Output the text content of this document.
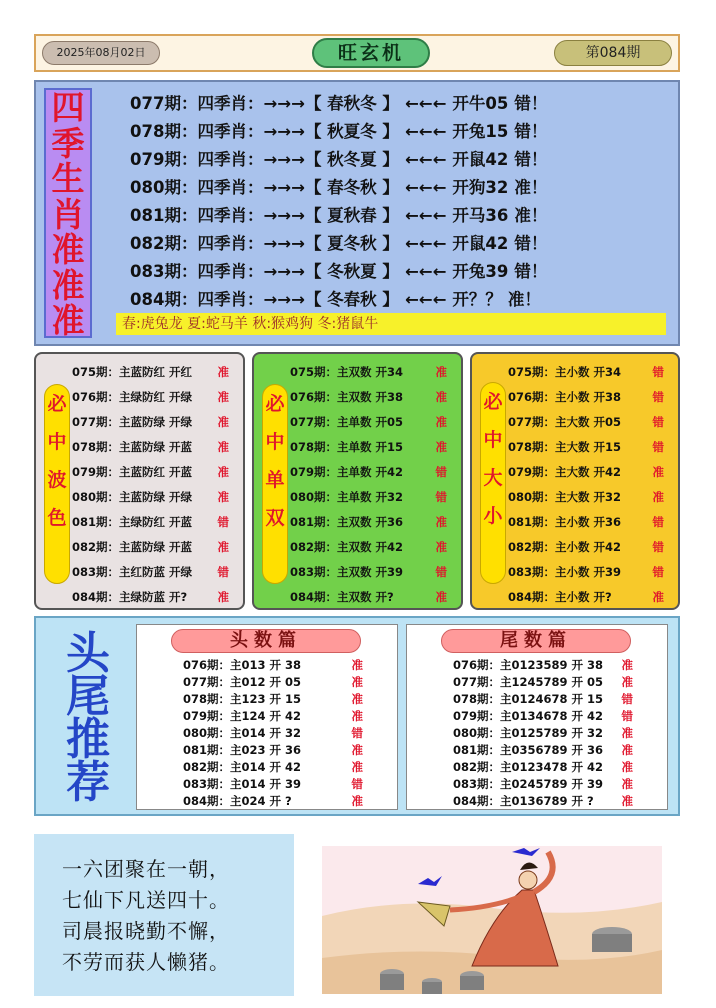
2025年08月02日	旺玄机	第084期
四
季
生
肖
准
准
准
077期：四季肖：→→→【 春秋冬 】 ←←← 开牛05 错！
078期：四季肖：→→→【 秋夏冬 】 ←←← 开兔15 错！
079期：四季肖：→→→【 秋冬夏 】 ←←← 开鼠42 错！
080期：四季肖：→→→【 春冬秋 】 ←←← 开狗32 准！
081期：四季肖：→→→【 夏秋春 】 ←←← 开马36 准！
082期：四季肖：→→→【 夏冬秋 】 ←←← 开鼠42 错！
083期：四季肖：→→→【 冬秋夏 】 ←←← 开兔39 错！
084期：四季肖：→→→【 冬春秋 】 ←←← 开？？ 准！
春:虎兔龙 夏:蛇马羊 秋:猴鸡狗 冬:猪鼠牛
必
中
波
色
075期：主蓝防红 开红 准
076期：主绿防红 开绿 准
077期：主蓝防绿 开绿 准
078期：主蓝防绿 开蓝 准
079期：主蓝防红 开蓝 准
080期：主蓝防绿 开绿 准
081期：主绿防红 开蓝 错
082期：主蓝防绿 开蓝 准
083期：主红防蓝 开绿 错
084期：主绿防蓝 开?	准
必
中
单
双
075期：主双数 开34	准
076期：主双数 开38	准
077期：主单数 开05	准
078期：主单数 开15	准
079期：主单数 开42	错
080期：主单数 开32	错
081期：主双数 开36	准
082期：主双数 开42	准
083期：主双数 开39	错
084期：主双数 开?	准
必
中
大
小
075期：主小数 开34	错
076期：主小数 开38	错
077期：主大数 开05	错
078期：主大数 开15	错
079期：主大数 开42	准
080期：主大数 开32	准
081期：主小数 开36	错
082期：主小数 开42	错
083期：主小数 开39	错
084期：主小数 开?	准
头
尾
推
荐
头数篇
076期：主013 开 38	准
077期：主012 开 05	准
078期：主123 开 15	准
079期：主124 开 42	准
080期：主014 开 32	错
081期：主023 开 36	准
082期：主014 开 42	准
083期：主014 开 39	错
084期：主024 开 ?	准
尾数篇
076期：主0123589 开 38 准
077期：主1245789 开 05 准
078期：主0124678 开 15 错
079期：主0134678 开 42 错
080期：主0125789 开 32 准
081期：主0356789 开 36 准
082期：主0123478 开 42 准
083期：主0245789 开 39 准
084期：主0136789 开 ? 准
一六团聚在一朝，
七仙下凡送四十。
司晨报晓勤不懈，
不劳而获人懒猪。
